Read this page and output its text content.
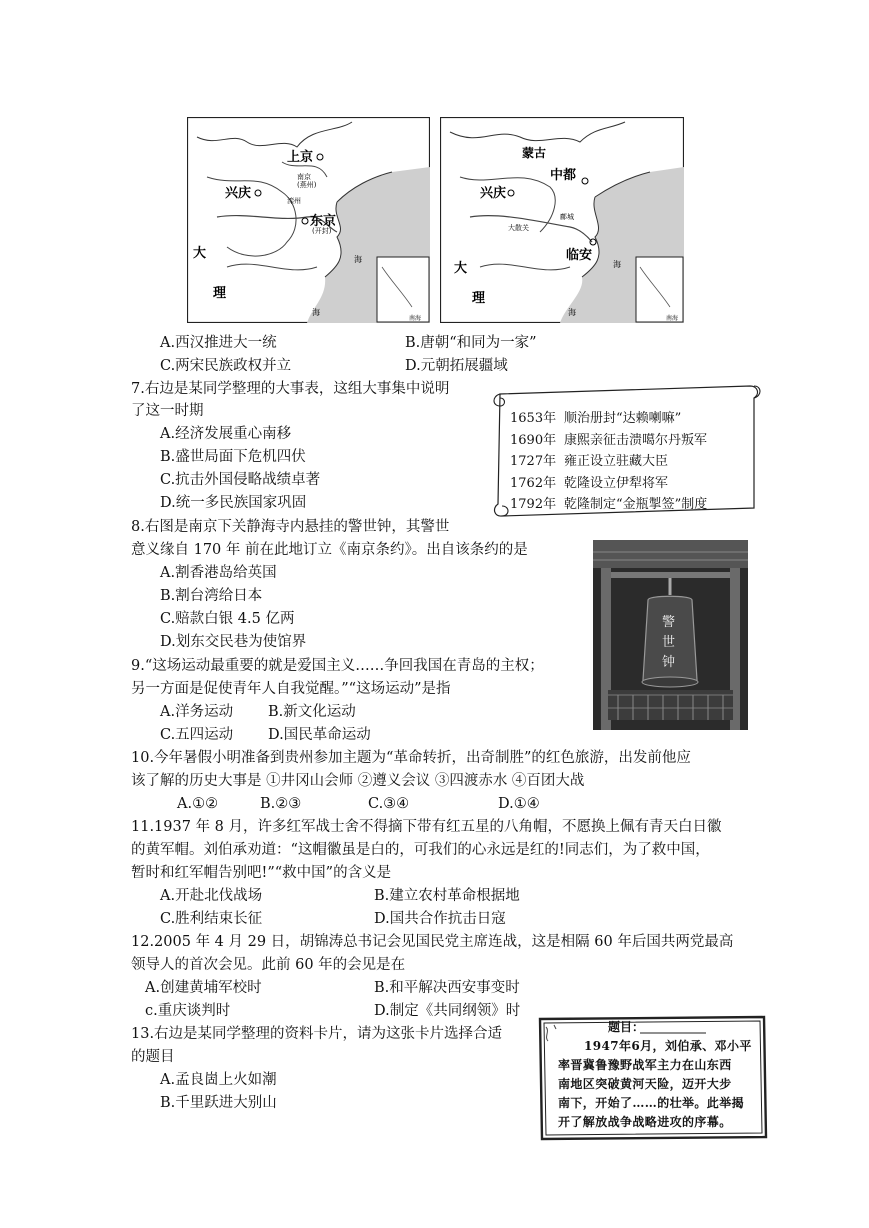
上京
兴庆
南京
(燕州)
滦州
东京
(开封)
大
理
海
海
南海
蒙古
中都
兴庆
鄜城
大散关
临安
大
理
海
海
南海
A.西汉推进大一统	B.唐朝“和同为一家”
C.两宋民族政权并立	D.元朝拓展疆域
7.右边是某同学整理的大事表，这组大事集中说明
了这一时期
A.经济发展重心南移
B.盛世局面下危机四伏
C.抗击外国侵略战绩卓著
D.统一多民族国家巩固
1653年 顺治册封“达赖喇嘛”
1690年 康熙亲征击溃噶尔丹叛军
1727年 雍正设立驻藏大臣
1762年 乾隆设立伊犁将军
1792年 乾隆制定“金瓶掣签”制度
8.右图是南京下关静海寺内悬挂的警世钟，其警世
意义缘自 170 年 前在此地订立《南京条约》。出自该条约的是
A.割香港岛给英国
B.割台湾给日本
C.赔款白银 4.5 亿两
D.划东交民巷为使馆界
警
世
钟
9.“这场运动最重要的就是爱国主义……争回我国在青岛的主权；
另一方面是促使青年人自我觉醒。”“这场运动”是指
A.洋务运动 B.新文化运动
C.五四运动 D.国民革命运动
10.今年暑假小明准备到贵州参加主题为“革命转折，出奇制胜”的红色旅游，出发前他应
该了解的历史大事是 ①井冈山会师 ②遵义会议 ③四渡赤水 ④百团大战
A.①②	B.②③	C.③④	D.①④
11.1937 年 8 月，许多红军战士舍不得摘下带有红五星的八角帽，不愿换上佩有青天白日徽
的黄军帽。刘伯承劝道：“这帽徽虽是白的，可我们的心永远是红的!同志们，为了救中国，
暂时和红军帽告别吧!”“救中国”的含义是
A.开赴北伐战场	B.建立农村革命根据地
C.胜利结束长征	D.国共合作抗击日寇
12.2005 年 4 月 29 日，胡锦涛总书记会见国民党主席连战，这是相隔 60 年后国共两党最高
领导人的首次会见。此前 60 年的会见是在
A.创建黄埔军校时	B.和平解决西安事变时
c.重庆谈判时	D.制定《共同纲领》时
13.右边是某同学整理的资料卡片，请为这张卡片选择合适
的题目
A.孟良崮上火如潮
B.千里跃进大别山
题目：
1947年6月，刘伯承、邓小平
率晋冀鲁豫野战军主力在山东西
南地区突破黄河天险，迈开大步
南下，开始了……的壮举。此举揭
开了解放战争战略进攻的序幕。
